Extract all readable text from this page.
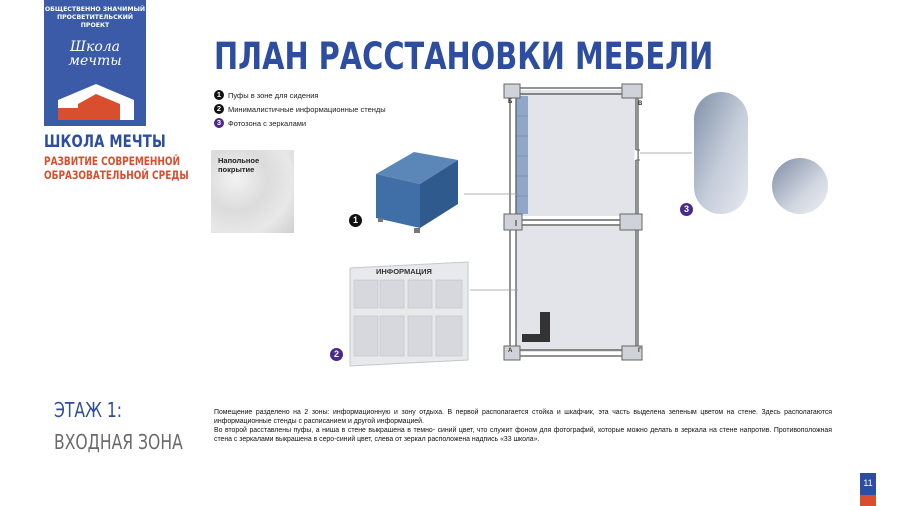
ОБЩЕСТВЕННО ЗНАЧИМЫЙ
ПРОСВЕТИТЕЛЬСКИЙ ПРОЕКТ
Школа
мечты
ШКОЛА МЕЧТЫ
РАЗВИТИЕ СОВРЕМЕННОЙ
ОБРАЗОВАТЕЛЬНОЙ СРЕДЫ
ПЛАН РАССТАНОВКИ МЕБЕЛИ
1 Пуфы в зоне для сидения
2 Минималистичные информационные стенды
3 Фотозона с зеркалами
Напольное
покрытие
1
ИНФОРМАЦИЯ
2
Б	В
А	Г
3
ЭТАЖ 1:
ВХОДНАЯ ЗОНА

Помещение разделено на 2 зоны: информационную и зону отдыха. В первой располагается стойка и шкафчик, эта часть выделена зеленым цветом на стене. Здесь располагаются информационные стенды с расписанием и другой информацией.

Во второй расставлены пуфы, а ниша в стене выкрашена в темно- синий цвет, что служит фоном для фотографий, которые можно делать в зеркала на стене напротив. Противоположная стена с зеркалами выкрашена в серо-синий цвет, слева от зеркал расположена надпись «33 школа».

11
